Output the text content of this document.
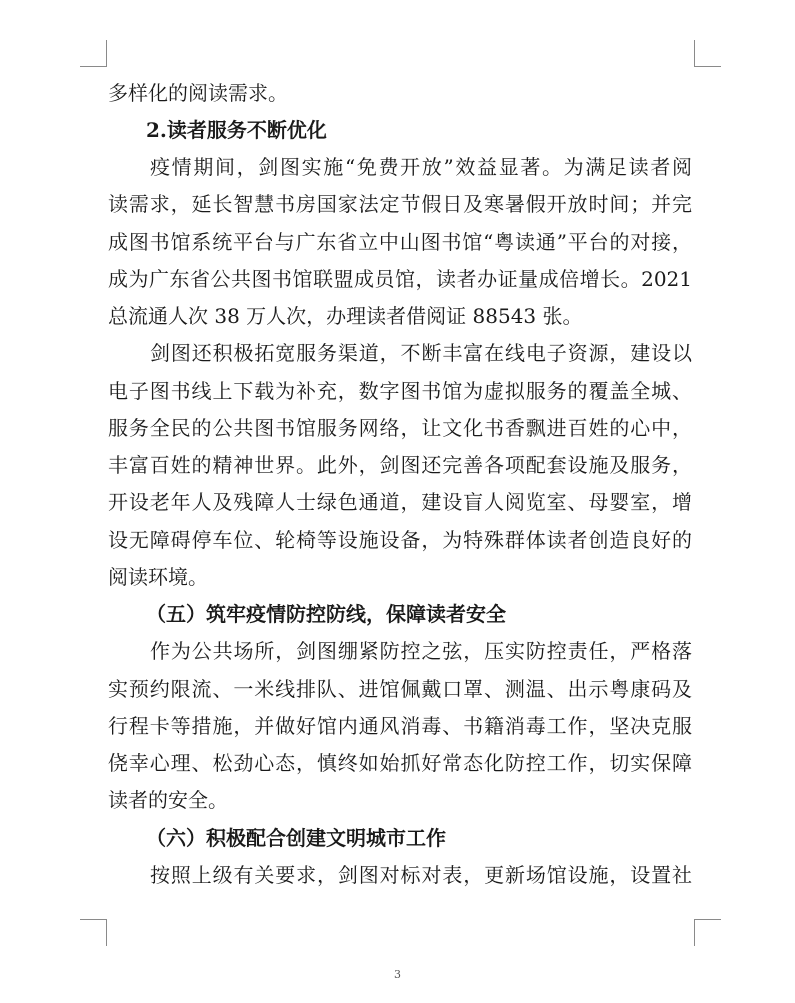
多样化的阅读需求。
2.读者服务不断优化
疫情期间，剑图实施“免费开放”效益显著。为满足读者阅
读需求，延长智慧书房国家法定节假日及寒暑假开放时间；并完
成图书馆系统平台与广东省立中山图书馆“粤读通”平台的对接，
成为广东省公共图书馆联盟成员馆，读者办证量成倍增长。2021
总流通人次 38 万人次，办理读者借阅证 88543 张。
剑图还积极拓宽服务渠道，不断丰富在线电子资源，建设以
电子图书线上下载为补充，数字图书馆为虚拟服务的覆盖全城、
服务全民的公共图书馆服务网络，让文化书香飘进百姓的心中，
丰富百姓的精神世界。此外，剑图还完善各项配套设施及服务，
开设老年人及残障人士绿色通道，建设盲人阅览室、母婴室，增
设无障碍停车位、轮椅等设施设备，为特殊群体读者创造良好的
阅读环境。
（五）筑牢疫情防控防线，保障读者安全
作为公共场所，剑图绷紧防控之弦，压实防控责任，严格落
实预约限流、一米线排队、进馆佩戴口罩、测温、出示粤康码及
行程卡等措施，并做好馆内通风消毒、书籍消毒工作，坚决克服
侥幸心理、松劲心态，慎终如始抓好常态化防控工作，切实保障
读者的安全。
（六）积极配合创建文明城市工作
按照上级有关要求，剑图对标对表，更新场馆设施，设置社
3
